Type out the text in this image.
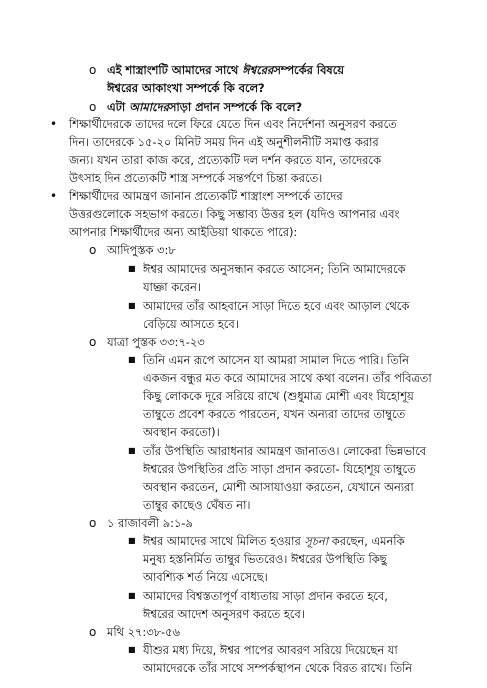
o এই শাস্ত্রাংশটি আমাদের সাথে ঈশ্বরেরসম্পর্কের বিষয়ে
ঈশ্বরের আকাংখা সম্পর্কে কি বলে?
o এটা আমাদেরসাড়া প্রদান সম্পর্কে কি বলে?
• শিক্ষার্থীদেরকে তাদের দলে ফিরে যেতে দিন এবং নির্দেশনা অনুসরণ করতে
দিন। তাদেরকে ১৫-২০ মিনিট সময় দিন এই অনুশীলনীটি সমাপ্ত করার
জন্য। যখন তারা কাজ করে, প্রত্যেকটি দল দর্শন করতে যান, তাদেরকে
উৎসাহ দিন প্রত্যেকটি শাস্ত্র সম্পর্কে সন্তর্পণে চিন্তা করতে।
• শিক্ষার্থীদের আমন্ত্রণ জানান প্রত্যেকটি শাস্ত্রাংশ সম্পর্কে তাদের
উত্তরগুলোকে সহভাগ করতে। কিছু সম্ভাব্য উত্তর হল (যদিও আপনার এবং
আপনার শিক্ষার্থীদের অন্য আইডিয়া থাকতে পারে):
o আদিপুস্তক ৩:৮
■ ঈশ্বর আমাদের অনুসন্ধান করতে আসেন; তিনি আমাদেরকে
যাচ্ঞা করেন।
■ আমাদের তাঁর আহবানে সাড়া দিতে হবে এবং আড়াল থেকে
বেড়িয়ে আসতে হবে।
o যাত্রা পুস্তক ৩৩:৭-২৩
■ তিনি এমন রূপে আসেন যা আমরা সামাল দিতে পারি। তিনি
একজন বন্ধুর মত করে আমাদের সাথে কথা বলেন। তাঁর পবিত্রতা
কিছু লোককে দূরে সরিয়ে রাখে (শুধুমাত্র মোশী এবং যিহোশূয়
তাম্বুতে প্রবেশ করতে পারতেন, যখন অন্যরা তাদের তাম্বুতে
অবস্থান করতো)।
■ তাঁর উপস্থিতি আরাধনার আমন্ত্রণ জানাতও। লোকেরা ভিন্নভাবে
ঈশ্বরের উপস্থিতির প্রতি সাড়া প্রদান করতো- যিহোশূয় তাম্বুতে
অবস্থান করতেন, মোশী আসাযাওয়া করতেন, যেখানে অন্যরা
তাম্বুর কাছেও ঘেঁষত না।
o ১ রাজাবলী ৯:১-৯
■ ঈশ্বর আমাদের সাথে মিলিত হওয়ার সূচনা করছেন, এমনকি
মনুষ্য হস্তনির্মিত তাম্বুর ভিতরেও। ঈশ্বরের উপস্থিতি কিছু
আবশ্যিক শর্ত নিয়ে এসেছে।
■ আমাদের বিশ্বস্ততাপূর্ণ বাধ্যতায় সাড়া প্রদান করতে হবে,
ঈশ্বরের আদেশ অনুসরণ করতে হবে।
o মথি ২৭:৩৮-৫৬
■ যীশুর মধ্য দিয়ে, ঈশ্বর পাপের আবরণ সরিয়ে দিয়েছেন যা
আমাদেরকে তাঁর সাথে সম্পর্কস্থাপন থেকে বিরত রাখে। তিনি
